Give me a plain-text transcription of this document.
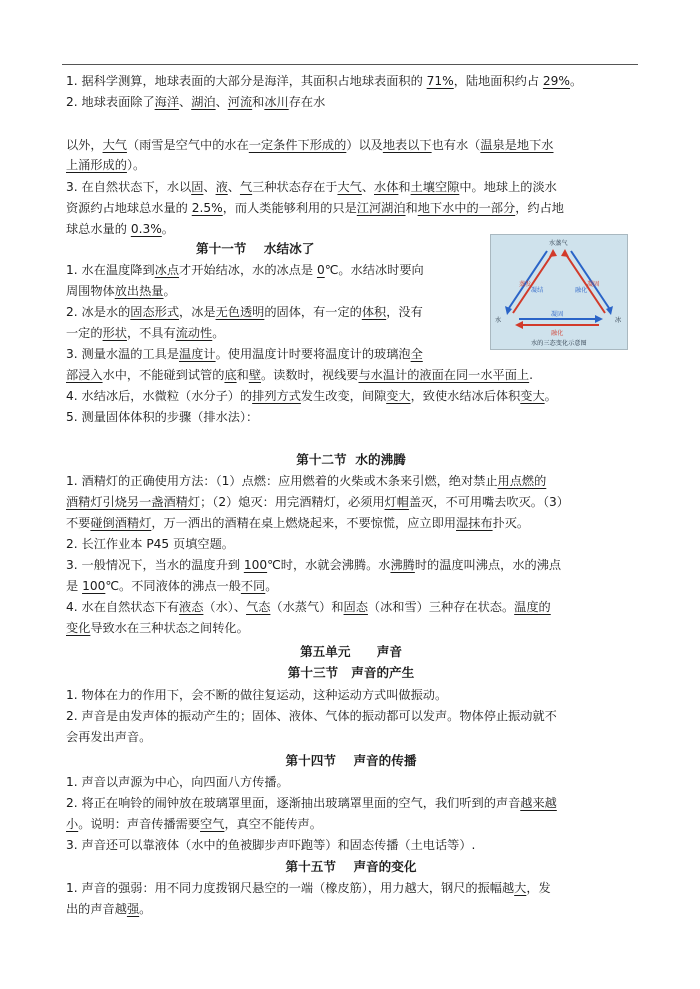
1. 据科学测算，地球表面的大部分是海洋，其面积占地球表面积的 71%，陆地面积约占 29%。
2. 地球表面除了海洋、湖泊、河流和冰川存在水
以外，大气（雨雪是空气中的水在一定条件下形成的）以及地表以下也有水（温泉是地下水
上涌形成的）。
3. 在自然状态下，水以固、液、气三种状态存在于大气、水体和土壤空隙中。地球上的淡水
资源约占地球总水量的 2.5%，而人类能够利用的只是江河湖泊和地下水中的一部分，约占地
球总水量的 0.3%。
第十一节    水结冰了
1. 水在温度降到冰点才开始结冰，水的冰点是 0℃。水结冰时要向
周围物体放出热量。
2. 冰是水的固态形式，冰是无色透明的固体，有一定的体积，没有
一定的形状，不具有流动性。
3. 测量水温的工具是温度计。使用温度计时要将温度计的玻璃泡全
部浸入水中，不能碰到试管的底和壁。读数时，视线要与水温计的液面在同一水平面上.
4. 水结冰后，水微粒（水分子）的排列方式发生改变，间隙变大，致使水结冰后体积变大。
5. 测量固体体积的步骤（排水法）：
水蒸气
蒸发
凝结
凝固
融化
水	冰
凝固
融化
水的三态变化示意图
第十二节  水的沸腾
1. 酒精灯的正确使用方法：（1）点燃：应用燃着的火柴或木条来引燃，绝对禁止用点燃的
酒精灯引烧另一盏酒精灯；（2）熄灭：用完酒精灯，必须用灯帽盖灭，不可用嘴去吹灭。（3）
不要碰倒酒精灯，万一洒出的酒精在桌上燃烧起来，不要惊慌，应立即用湿抹布扑灭。
2. 长江作业本 P45 页填空题。
3. 一般情况下，当水的温度升到 100℃时，水就会沸腾。水沸腾时的温度叫沸点，水的沸点
是 100℃。不同液体的沸点一般不同。
4. 水在自然状态下有液态（水）、气态（水蒸气）和固态（冰和雪）三种存在状态。温度的
变化导致水在三种状态之间转化。
第五单元      声音
第十三节   声音的产生
1. 物体在力的作用下，会不断的做往复运动，这种运动方式叫做振动。
2. 声音是由发声体的振动产生的；固体、液体、气体的振动都可以发声。物体停止振动就不
会再发出声音。
第十四节    声音的传播
1. 声音以声源为中心，向四面八方传播。
2. 将正在响铃的闹钟放在玻璃罩里面，逐渐抽出玻璃罩里面的空气，我们听到的声音越来越
小。说明：声音传播需要空气，真空不能传声。
3. 声音还可以靠液体（水中的鱼被脚步声吓跑等）和固态传播（土电话等）.
第十五节    声音的变化
1. 声音的强弱：用不同力度拨钢尺悬空的一端（橡皮筋），用力越大，钢尺的振幅越大，发
出的声音越强。
